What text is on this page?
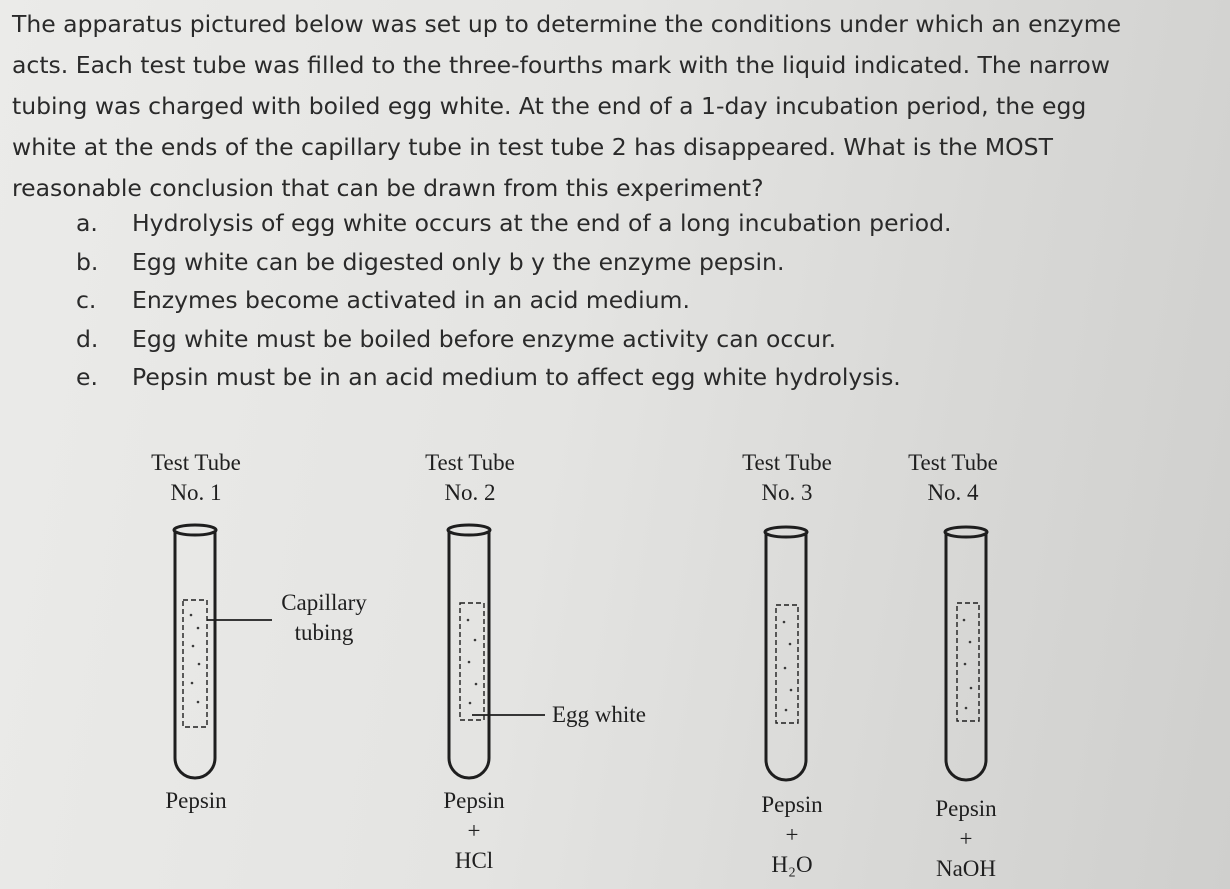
The apparatus pictured below was set up to determine the conditions under which an enzyme
acts. Each test tube was filled to the three-fourths mark with the liquid indicated. The narrow
tubing was charged with boiled egg white. At the end of a 1-day incubation period, the egg
white at the ends of the capillary tube in test tube 2 has disappeared. What is the MOST
reasonable conclusion that can be drawn from this experiment?
a. Hydrolysis of egg white occurs at the end of a long incubation period.
b. Egg white can be digested only b y the enzyme pepsin.
c. Enzymes become activated in an acid medium.
d. Egg white must be boiled before enzyme activity can occur.
e. Pepsin must be in an acid medium to affect egg white hydrolysis.
Test Tube
No. 1
Test Tube
No. 2
Test Tube
No. 3
Test Tube
No. 4
Capillary
tubing
Egg white
Pepsin	Pepsin
+
HCl
Pepsin
+
H₂O
Pepsin
+
NaOH
